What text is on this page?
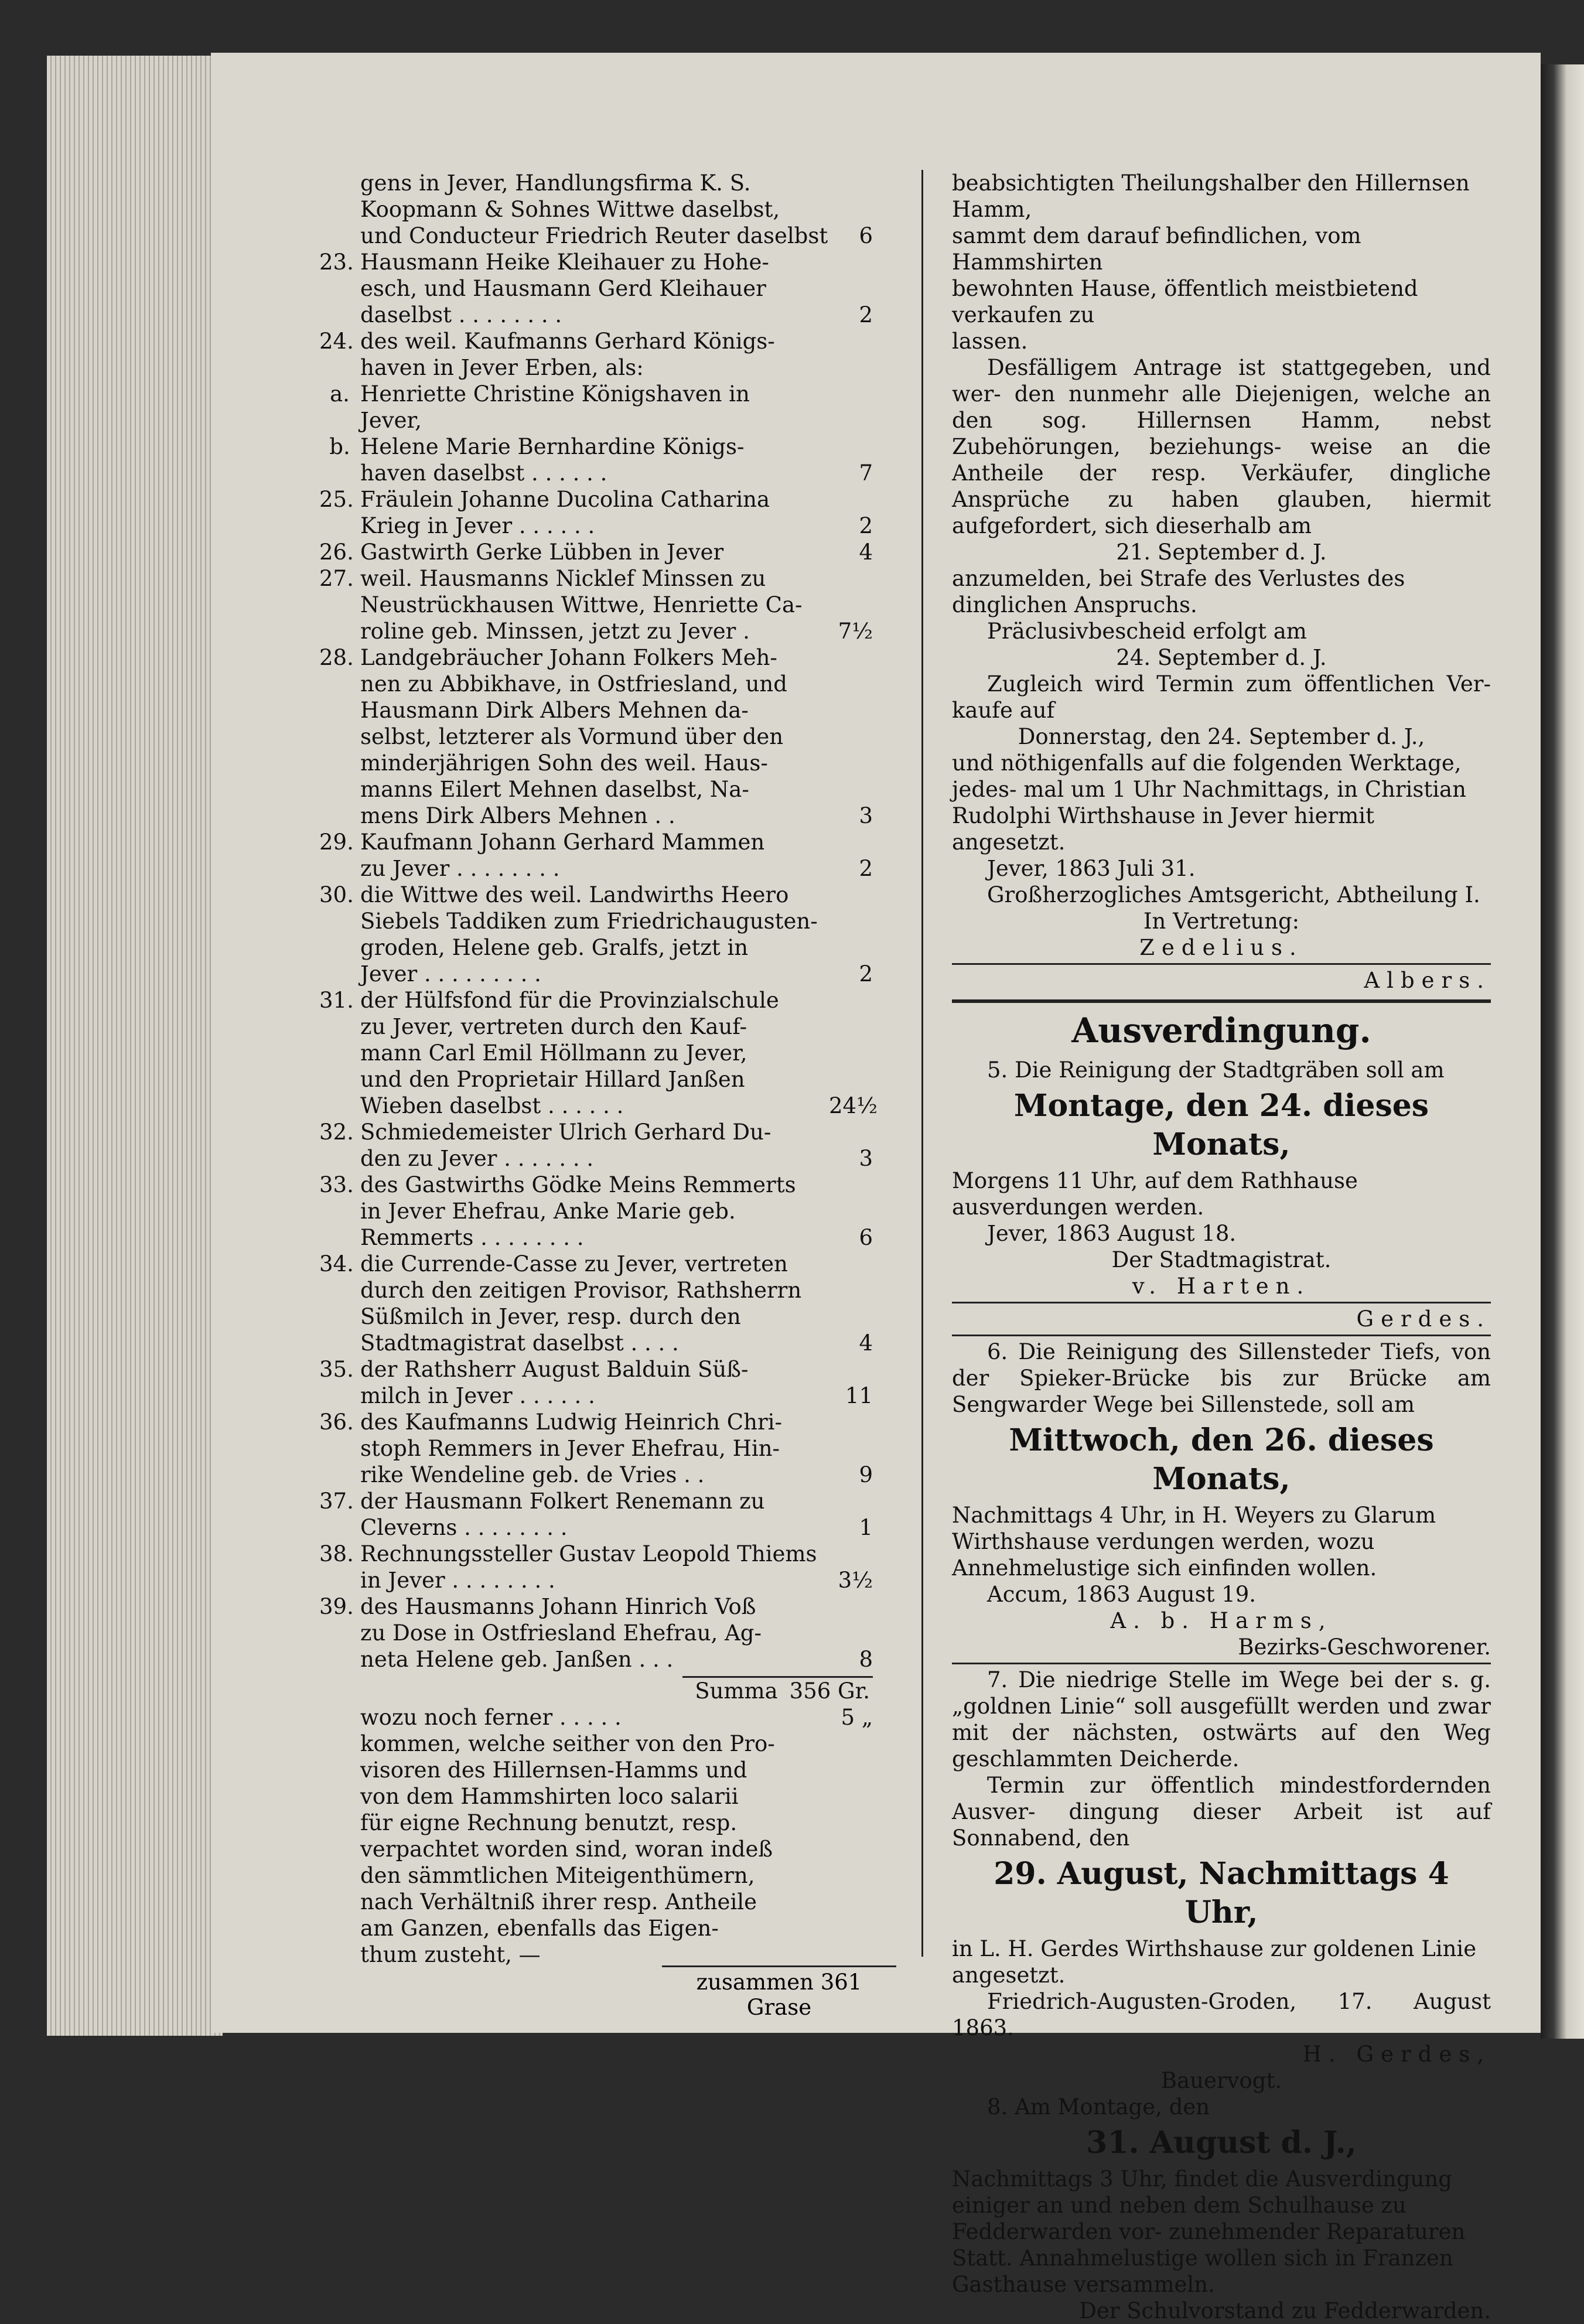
gens in Jever, Handlungsfirma K. S.
Koopmann & Sohnes Wittwe daselbst,
und Conducteur Friedrich Reuter daselbst	6
23. Hausmann Heike Kleihauer zu Hohe-
esch, und Hausmann Gerd Kleihauer
daselbst . . . . . . . .	2
24. des weil. Kaufmanns Gerhard Königs-
haven in Jever Erben, als:
a. Henriette Christine Königshaven in
Jever,
b. Helene Marie Bernhardine Königs-
haven daselbst . . . . . .	7
25. Fräulein Johanne Ducolina Catharina
Krieg in Jever . . . . . .	2
26. Gastwirth Gerke Lübben in Jever	4
27. weil. Hausmanns Nicklef Minssen zu
Neustrückhausen Wittwe, Henriette Ca-
roline geb. Minssen, jetzt zu Jever .	7½
28. Landgebräucher Johann Folkers Meh-
nen zu Abbikhave, in Ostfriesland, und
Hausmann Dirk Albers Mehnen da-
selbst, letzterer als Vormund über den
minderjährigen Sohn des weil. Haus-
manns Eilert Mehnen daselbst, Na-
mens Dirk Albers Mehnen . .	3
29. Kaufmann Johann Gerhard Mammen
zu Jever . . . . . . . .	2
30. die Wittwe des weil. Landwirths Heero
Siebels Taddiken zum Friedrichaugusten-
groden, Helene geb. Gralfs, jetzt in
Jever . . . . . . . . .	2
31. der Hülfsfond für die Provinzialschule
zu Jever, vertreten durch den Kauf-
mann Carl Emil Höllmann zu Jever,
und den Proprietair Hillard Janßen
Wieben daselbst . . . . . .	24½
32. Schmiedemeister Ulrich Gerhard Du-
den zu Jever . . . . . . .	3
33. des Gastwirths Gödke Meins Remmerts
in Jever Ehefrau, Anke Marie geb.
Remmerts . . . . . . . .	6
34. die Currende-Casse zu Jever, vertreten
durch den zeitigen Provisor, Rathsherrn
Süßmilch in Jever, resp. durch den
Stadtmagistrat daselbst . . . .	4
35. der Rathsherr August Balduin Süß-
milch in Jever . . . . . .	11
36. des Kaufmanns Ludwig Heinrich Chri-
stoph Remmers in Jever Ehefrau, Hin-
rike Wendeline geb. de Vries . .	9
37. der Hausmann Folkert Renemann zu
Cleverns . . . . . . . .	1
38. Rechnungssteller Gustav Leopold Thiems
in Jever . . . . . . . .	3½
39. des Hausmanns Johann Hinrich Voß
zu Dose in Ostfriesland Ehefrau, Ag-
neta Helene geb. Janßen . . .	8
Summa 356 Gr.
wozu noch ferner . . . . .	5 „
kommen, welche seither von den Pro-
visoren des Hillernsen-Hamms und
von dem Hammshirten loco salarii
für eigne Rechnung benutzt, resp.
verpachtet worden sind, woran indeß
den sämmtlichen Miteigenthümern,
nach Verhältniß ihrer resp. Antheile
am Ganzen, ebenfalls das Eigen-
thum zusteht, —
zusammen 361 Grase
beabsichtigten Theilungshalber den Hillernsen Hamm,
sammt dem darauf befindlichen, vom Hammshirten
bewohnten Hause, öffentlich meistbietend verkaufen zu
lassen.
Desfälligem Antrage ist stattgegeben, und wer- den nunmehr alle Diejenigen, welche an den sog. Hillernsen Hamm, nebst Zubehörungen, beziehungs- weise an die Antheile der resp. Verkäufer, dingliche Ansprüche zu haben glauben, hiermit aufgefordert, sich dieserhalb am
21. September d. J.
anzumelden, bei Strafe des Verlustes des dinglichen Anspruchs.
Präclusivbescheid erfolgt am
24. September d. J.
Zugleich wird Termin zum öffentlichen Ver- kaufe auf
Donnerstag, den 24. September d. J.,
und nöthigenfalls auf die folgenden Werktage, jedes- mal um 1 Uhr Nachmittags, in Christian Rudolphi Wirthshause in Jever hiermit angesetzt.
Jever, 1863 Juli 31.
Großherzogliches Amtsgericht, Abtheilung I.
In Vertretung:
Zedelius.
Albers.
Ausverdingung.
5. Die Reinigung der Stadtgräben soll am
Montage, den 24. dieses Monats,
Morgens 11 Uhr, auf dem Rathhause ausverdungen werden.
Jever, 1863 August 18.
Der Stadtmagistrat.
v. Harten.
Gerdes.
6. Die Reinigung des Sillensteder Tiefs, von der Spieker-Brücke bis zur Brücke am Sengwarder Wege bei Sillenstede, soll am
Mittwoch, den 26. dieses Monats,
Nachmittags 4 Uhr, in H. Weyers zu Glarum Wirthshause verdungen werden, wozu Annehmelustige sich einfinden wollen.
Accum, 1863 August 19.
A. b. Harms,
Bezirks-Geschworener.
7. Die niedrige Stelle im Wege bei der s. g. „goldnen Linie“ soll ausgefüllt werden und zwar mit der nächsten, ostwärts auf den Weg geschlammten Deicherde.
Termin zur öffentlich mindestfordernden Ausver- dingung dieser Arbeit ist auf Sonnabend, den
29. August, Nachmittags 4 Uhr,
in L. H. Gerdes Wirthshause zur goldenen Linie angesetzt.
Friedrich-Augusten-Groden, 17. August 1863.
H. Gerdes,
Bauervogt.
8. Am Montage, den
31. August d. J.,
Nachmittags 3 Uhr, findet die Ausverdingung einiger an und neben dem Schulhause zu Fedderwarden vor- zunehmender Reparaturen Statt. Annahmelustige wollen sich in Franzen Gasthause versammeln.
Der Schulvorstand zu Fedderwarden.
